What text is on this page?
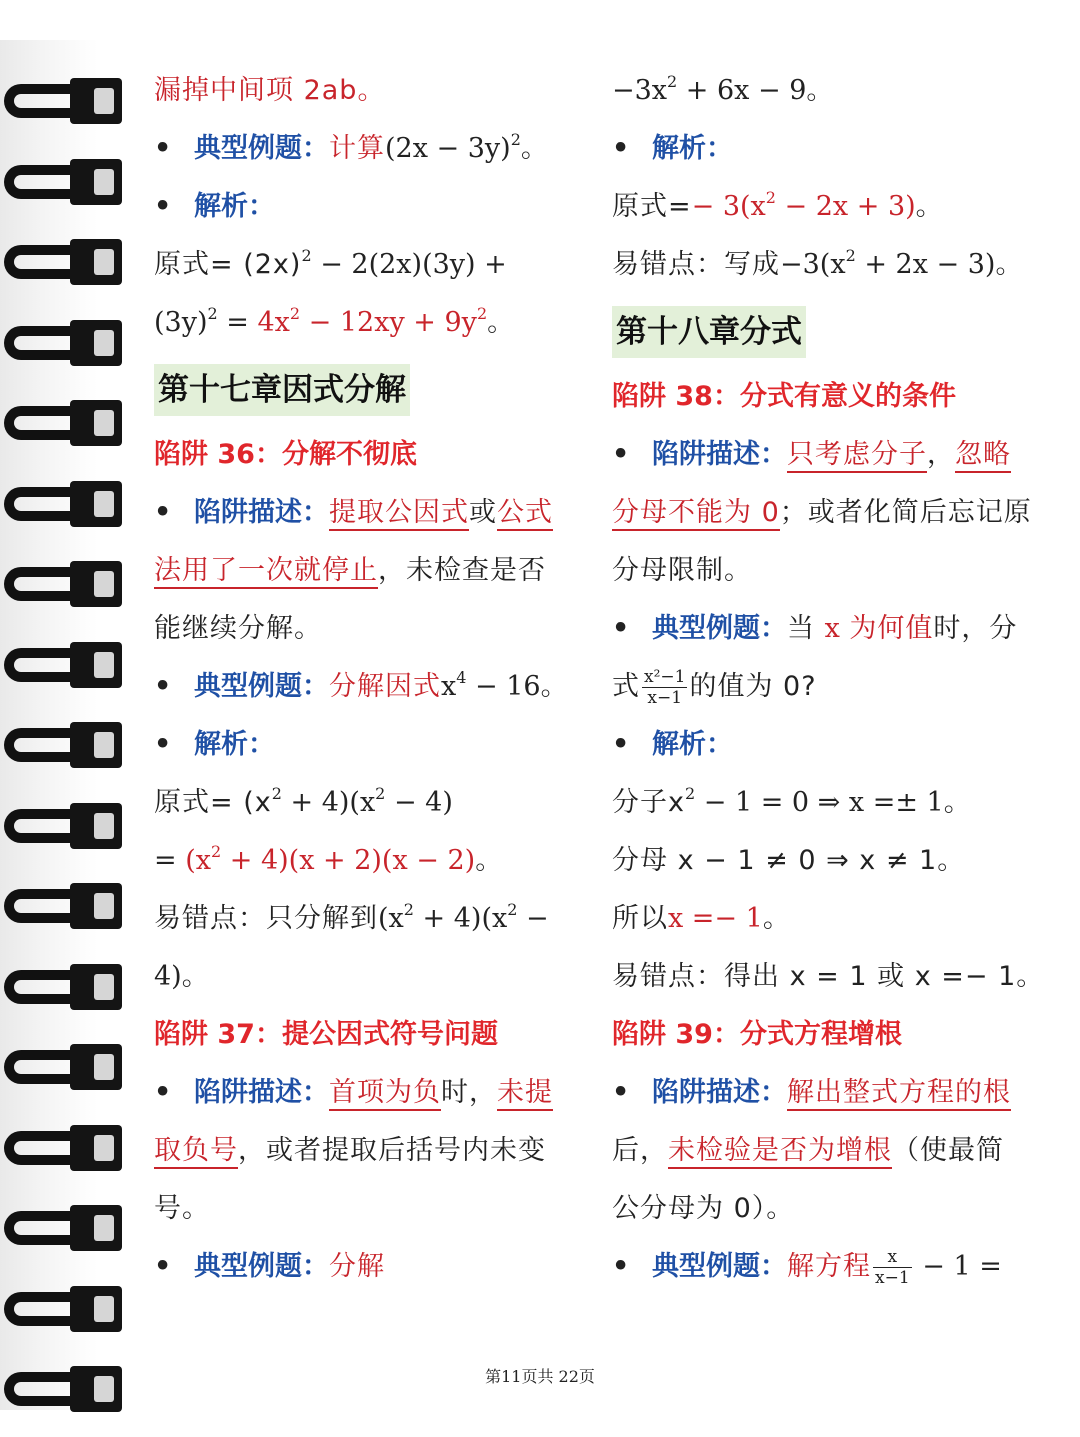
漏掉中间项 2ab。
• 典型例题：计算$(2x - 3y)^2$。
• 解析：
原式= $(2x)^2 - 2(2x)(3y)$ +
$(3y)^2 = 4x^2 - 12xy + 9y^2$。
第十七章因式分解
陷阱 36：分解不彻底
• 陷阱描述：提取公因式或公式
法用了一次就停止，未检查是否
能继续分解。
• 典型例题：分解因式$x^4 - 16$。
• 解析：
原式= $(x^2 + 4)(x^2 - 4)$
= $(x^2 + 4)(x + 2)(x - 2)$。
易错点：只分解到$(x^2 + 4)(x^2$ −
4)。
陷阱 37：提公因式符号问题
• 陷阱描述：首项为负时，未提
取负号，或者提取后括号内未变
号。
• 典型例题：分解
$-3x^2 + 6x - 9$。
• 解析：
原式=− $3(x^2 - 2x + 3)$。
易错点：写成$-3(x^2 + 2x - 3)$。
第十八章分式
陷阱 38：分式有意义的条件
• 陷阱描述：只考虑分子，忽略
分母不能为 0；或者化简后忘记原
分母限制。
• 典型例题：当 x 为何值时，分
式 $\frac{\text{x²−1}}{x-1}$ 的值为 0?
• 解析：
分子$x^2 - 1 = 0$ ⇒ x =± 1。
分母 x − 1 ≠ 0 ⇒ x ≠ 1。
所以x =− 1。
易错点：得出 x = 1 或 x =− 1。
陷阱 39：分式方程增根
• 陷阱描述：解出整式方程的根
后，未检验是否为增根（使最简
公分母为 0）。
• 典型例题：解方程 $\frac{x}{x-1} - 1$ =
第11页共 22页
